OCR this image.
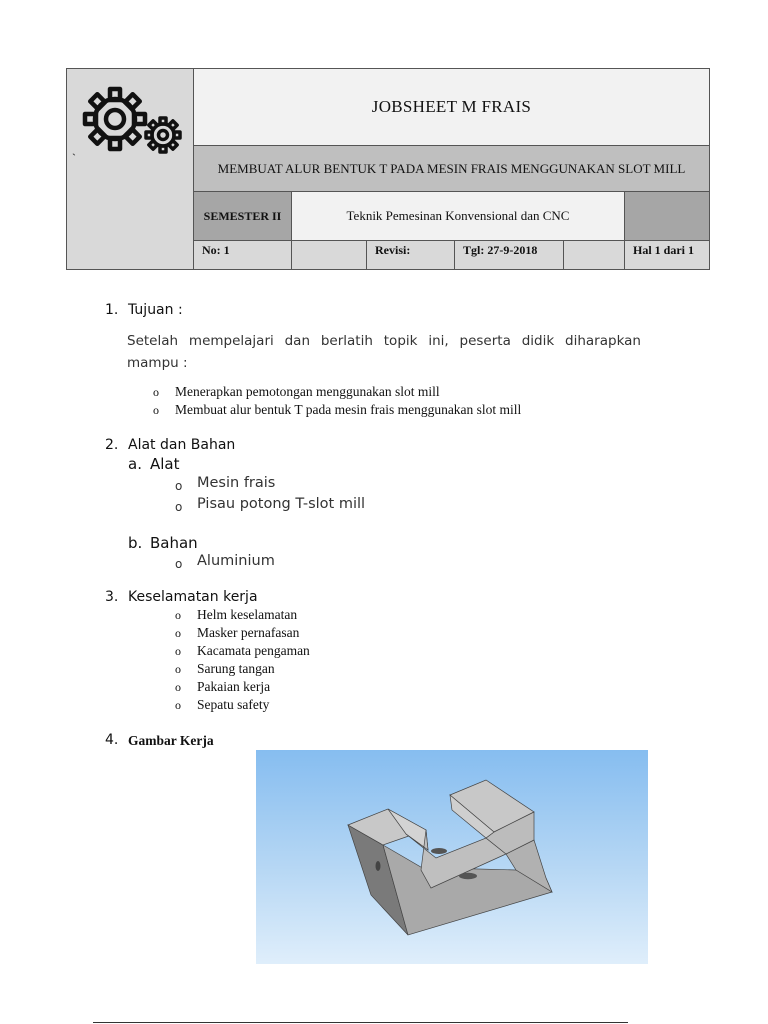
`
JOBSHEET M FRAIS
MEMBUAT ALUR BENTUK T PADA MESIN FRAIS MENGGUNAKAN SLOT MILL
SEMESTER II	Teknik Pemesinan Konvensional dan CNC
No: 1	Revisi:	Tgl: 27-9-2018	Hal 1 dari 1
1. Tujuan :

Setelah mempelajari dan berlatih topik ini, peserta didik diharapkan mampu :

o Menerapkan pemotongan menggunakan slot mill
o Membuat alur bentuk T pada mesin frais menggunakan slot mill
2. Alat dan Bahan
a. Alat
o Mesin frais
o Pisau potong T-slot mill
b. Bahan
o Aluminium
3. Keselamatan kerja
o Helm keselamatan
o Masker pernafasan
o Kacamata pengaman
o Sarung tangan
o Pakaian kerja
o Sepatu safety
4. Gambar Kerja
